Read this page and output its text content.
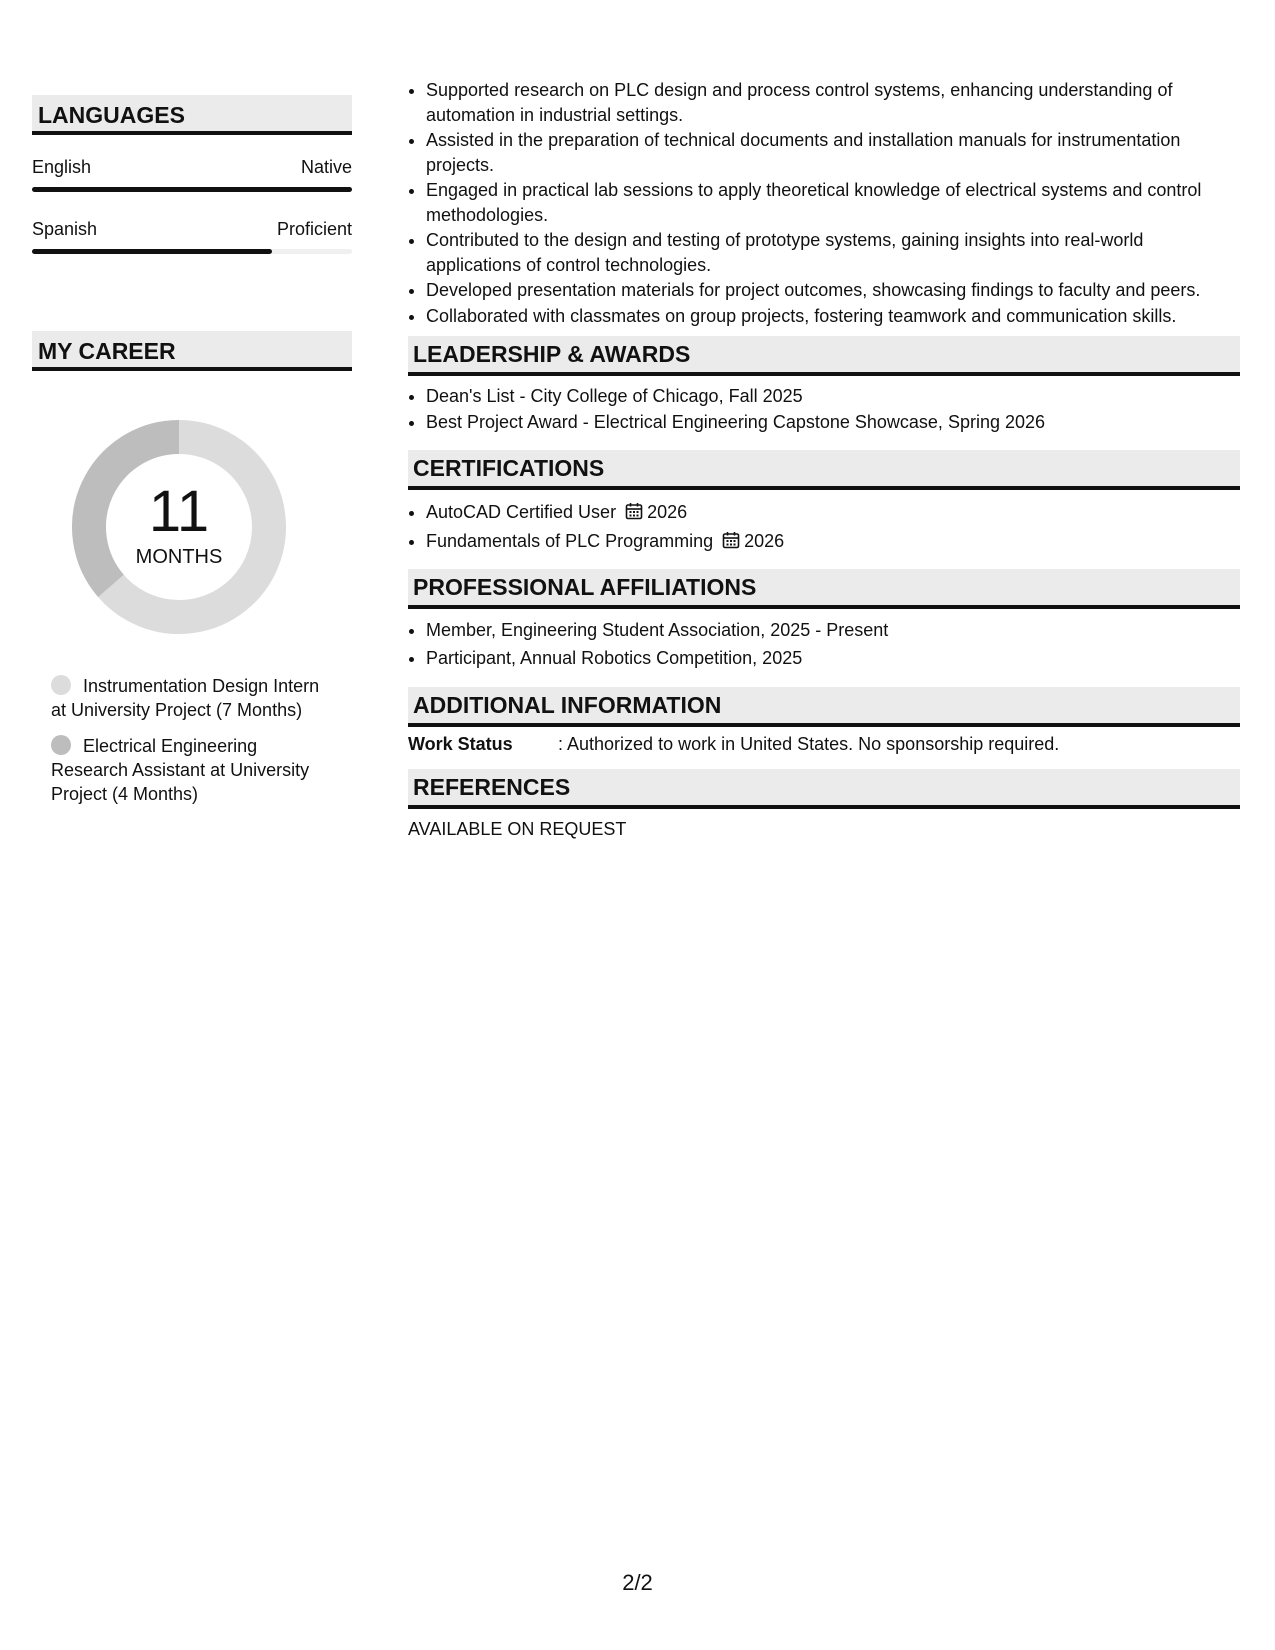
LANGUAGES
English	Native
Spanish	Proficient
MY CAREER
11
MONTHS
Instrumentation Design Intern at University Project (7 Months)
Electrical Engineering Research Assistant at University Project (4 Months)
• Supported research on PLC design and process control systems, enhancing understanding of automation in industrial settings.
• Assisted in the preparation of technical documents and installation manuals for instrumentation projects.
• Engaged in practical lab sessions to apply theoretical knowledge of electrical systems and control methodologies.
• Contributed to the design and testing of prototype systems, gaining insights into real-world applications of control technologies.
• Developed presentation materials for project outcomes, showcasing findings to faculty and peers.
• Collaborated with classmates on group projects, fostering teamwork and communication skills.
LEADERSHIP & AWARDS
• Dean's List - City College of Chicago, Fall 2025
• Best Project Award - Electrical Engineering Capstone Showcase, Spring 2026
CERTIFICATIONS
• AutoCAD Certified User 2026
• Fundamentals of PLC Programming 2026
PROFESSIONAL AFFILIATIONS
• Member, Engineering Student Association, 2025 - Present
• Participant, Annual Robotics Competition, 2025
ADDITIONAL INFORMATION
Work Status	: Authorized to work in United States. No sponsorship required.
REFERENCES
AVAILABLE ON REQUEST
2/2
